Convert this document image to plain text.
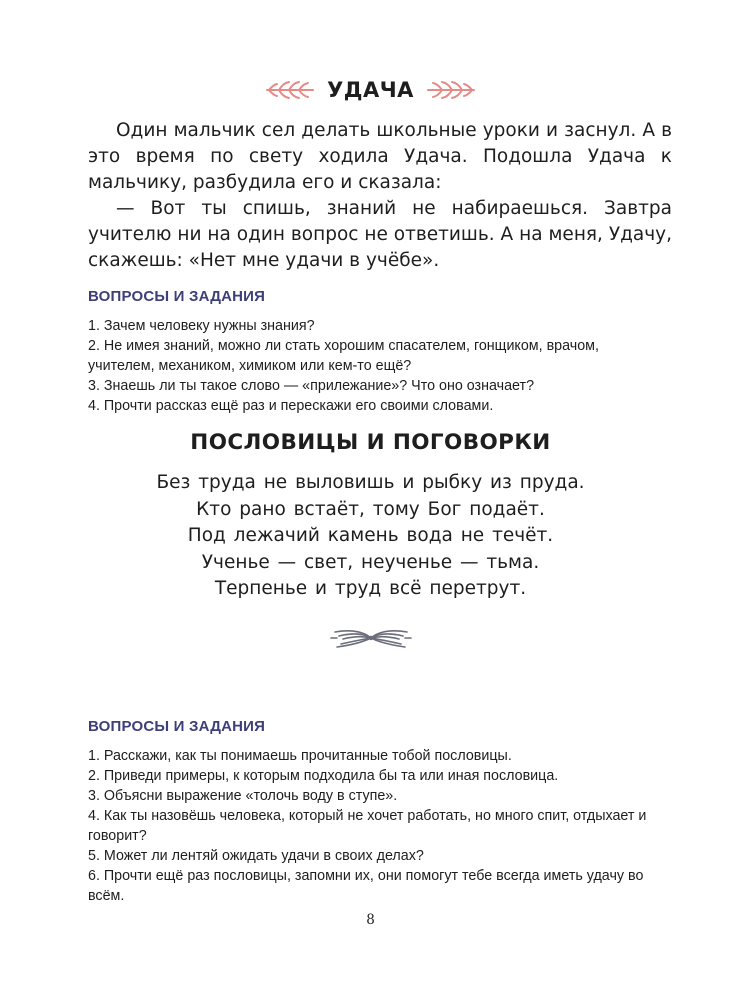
УДАЧА

Один мальчик сел делать школьные уроки и заснул. А в это время по свету ходила Удача. Подошла Удача к мальчику, разбудила его и сказала:

— Вот ты спишь, знаний не набираешься. Завтра учителю ни на один вопрос не ответишь. А на меня, Удачу, скажешь: «Нет мне удачи в учёбе».

ВОПРОСЫ И ЗАДАНИЯ
1. Зачем человеку нужны знания?
2. Не имея знаний, можно ли стать хорошим спасателем, гонщиком, врачом, учителем, механиком, химиком или кем-то ещё?
3. Знаешь ли ты такое слово — «прилежание»? Что оно означает?
4. Прочти рассказ ещё раз и перескажи его своими словами.
ПОСЛОВИЦЫ И ПОГОВОРКИ
Без труда не выловишь и рыбку из пруда.
Кто рано встаёт, тому Бог подаёт.
Под лежачий камень вода не течёт.
Ученье — свет, неученье — тьма.
Терпенье и труд всё перетрут.
ВОПРОСЫ И ЗАДАНИЯ
1. Расскажи, как ты понимаешь прочитанные тобой пословицы.
2. Приведи примеры, к которым подходила бы та или иная пословица.
3. Объясни выражение «толочь воду в ступе».
4. Как ты назовёшь человека, который не хочет работать, но много спит, отдыхает и говорит?
5. Может ли лентяй ожидать удачи в своих делах?
6. Прочти ещё раз пословицы, запомни их, они помогут тебе всегда иметь удачу во всём.
8
